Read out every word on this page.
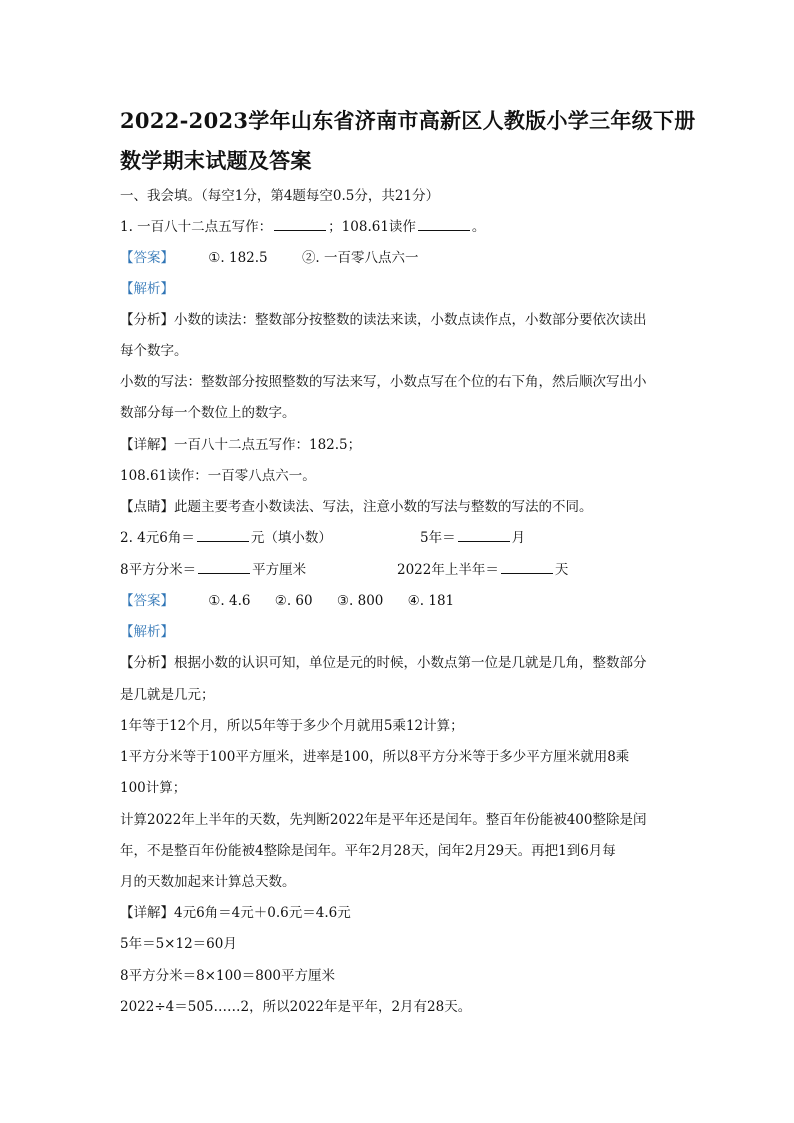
2022-2023学年山东省济南市高新区人教版小学三年级下册
数学期末试题及答案
一、我会填。（每空1分，第4题每空0.5分，共21分）
1. 一百八十二点五写作：	；108.61读作	。
【答案】	①. 182.5	②. 一百零八点六一
【解析】
【分析】小数的读法：整数部分按整数的读法来读，小数点读作点，小数部分要依次读出
每个数字。
小数的写法：整数部分按照整数的写法来写，小数点写在个位的右下角，然后顺次写出小
数部分每一个数位上的数字。
【详解】一百八十二点五写作：182.5；
108.61读作：一百零八点六一。
【点睛】此题主要考查小数读法、写法，注意小数的写法与整数的写法的不同。
2. 4元6角＝	元（填小数）	5年＝	月
8平方分米＝	平方厘米	2022年上半年＝	天
【答案】	①. 4.6 ②. 60 ③. 800 ④. 181
【解析】
【分析】根据小数的认识可知，单位是元的时候，小数点第一位是几就是几角，整数部分
是几就是几元；
1年等于12个月，所以5年等于多少个月就用5乘12计算；
1平方分米等于100平方厘米，进率是100，所以8平方分米等于多少平方厘米就用8乘
100计算；
计算2022年上半年的天数，先判断2022年是平年还是闰年。整百年份能被400整除是闰
年，不是整百年份能被4整除是闰年。平年2月28天，闰年2月29天。再把1到6月每
月的天数加起来计算总天数。
【详解】4元6角＝4元＋0.6元＝4.6元
5年＝5×12＝60月
8平方分米＝8×100＝800平方厘米
2022÷4＝505……2，所以2022年是平年，2月有28天。
